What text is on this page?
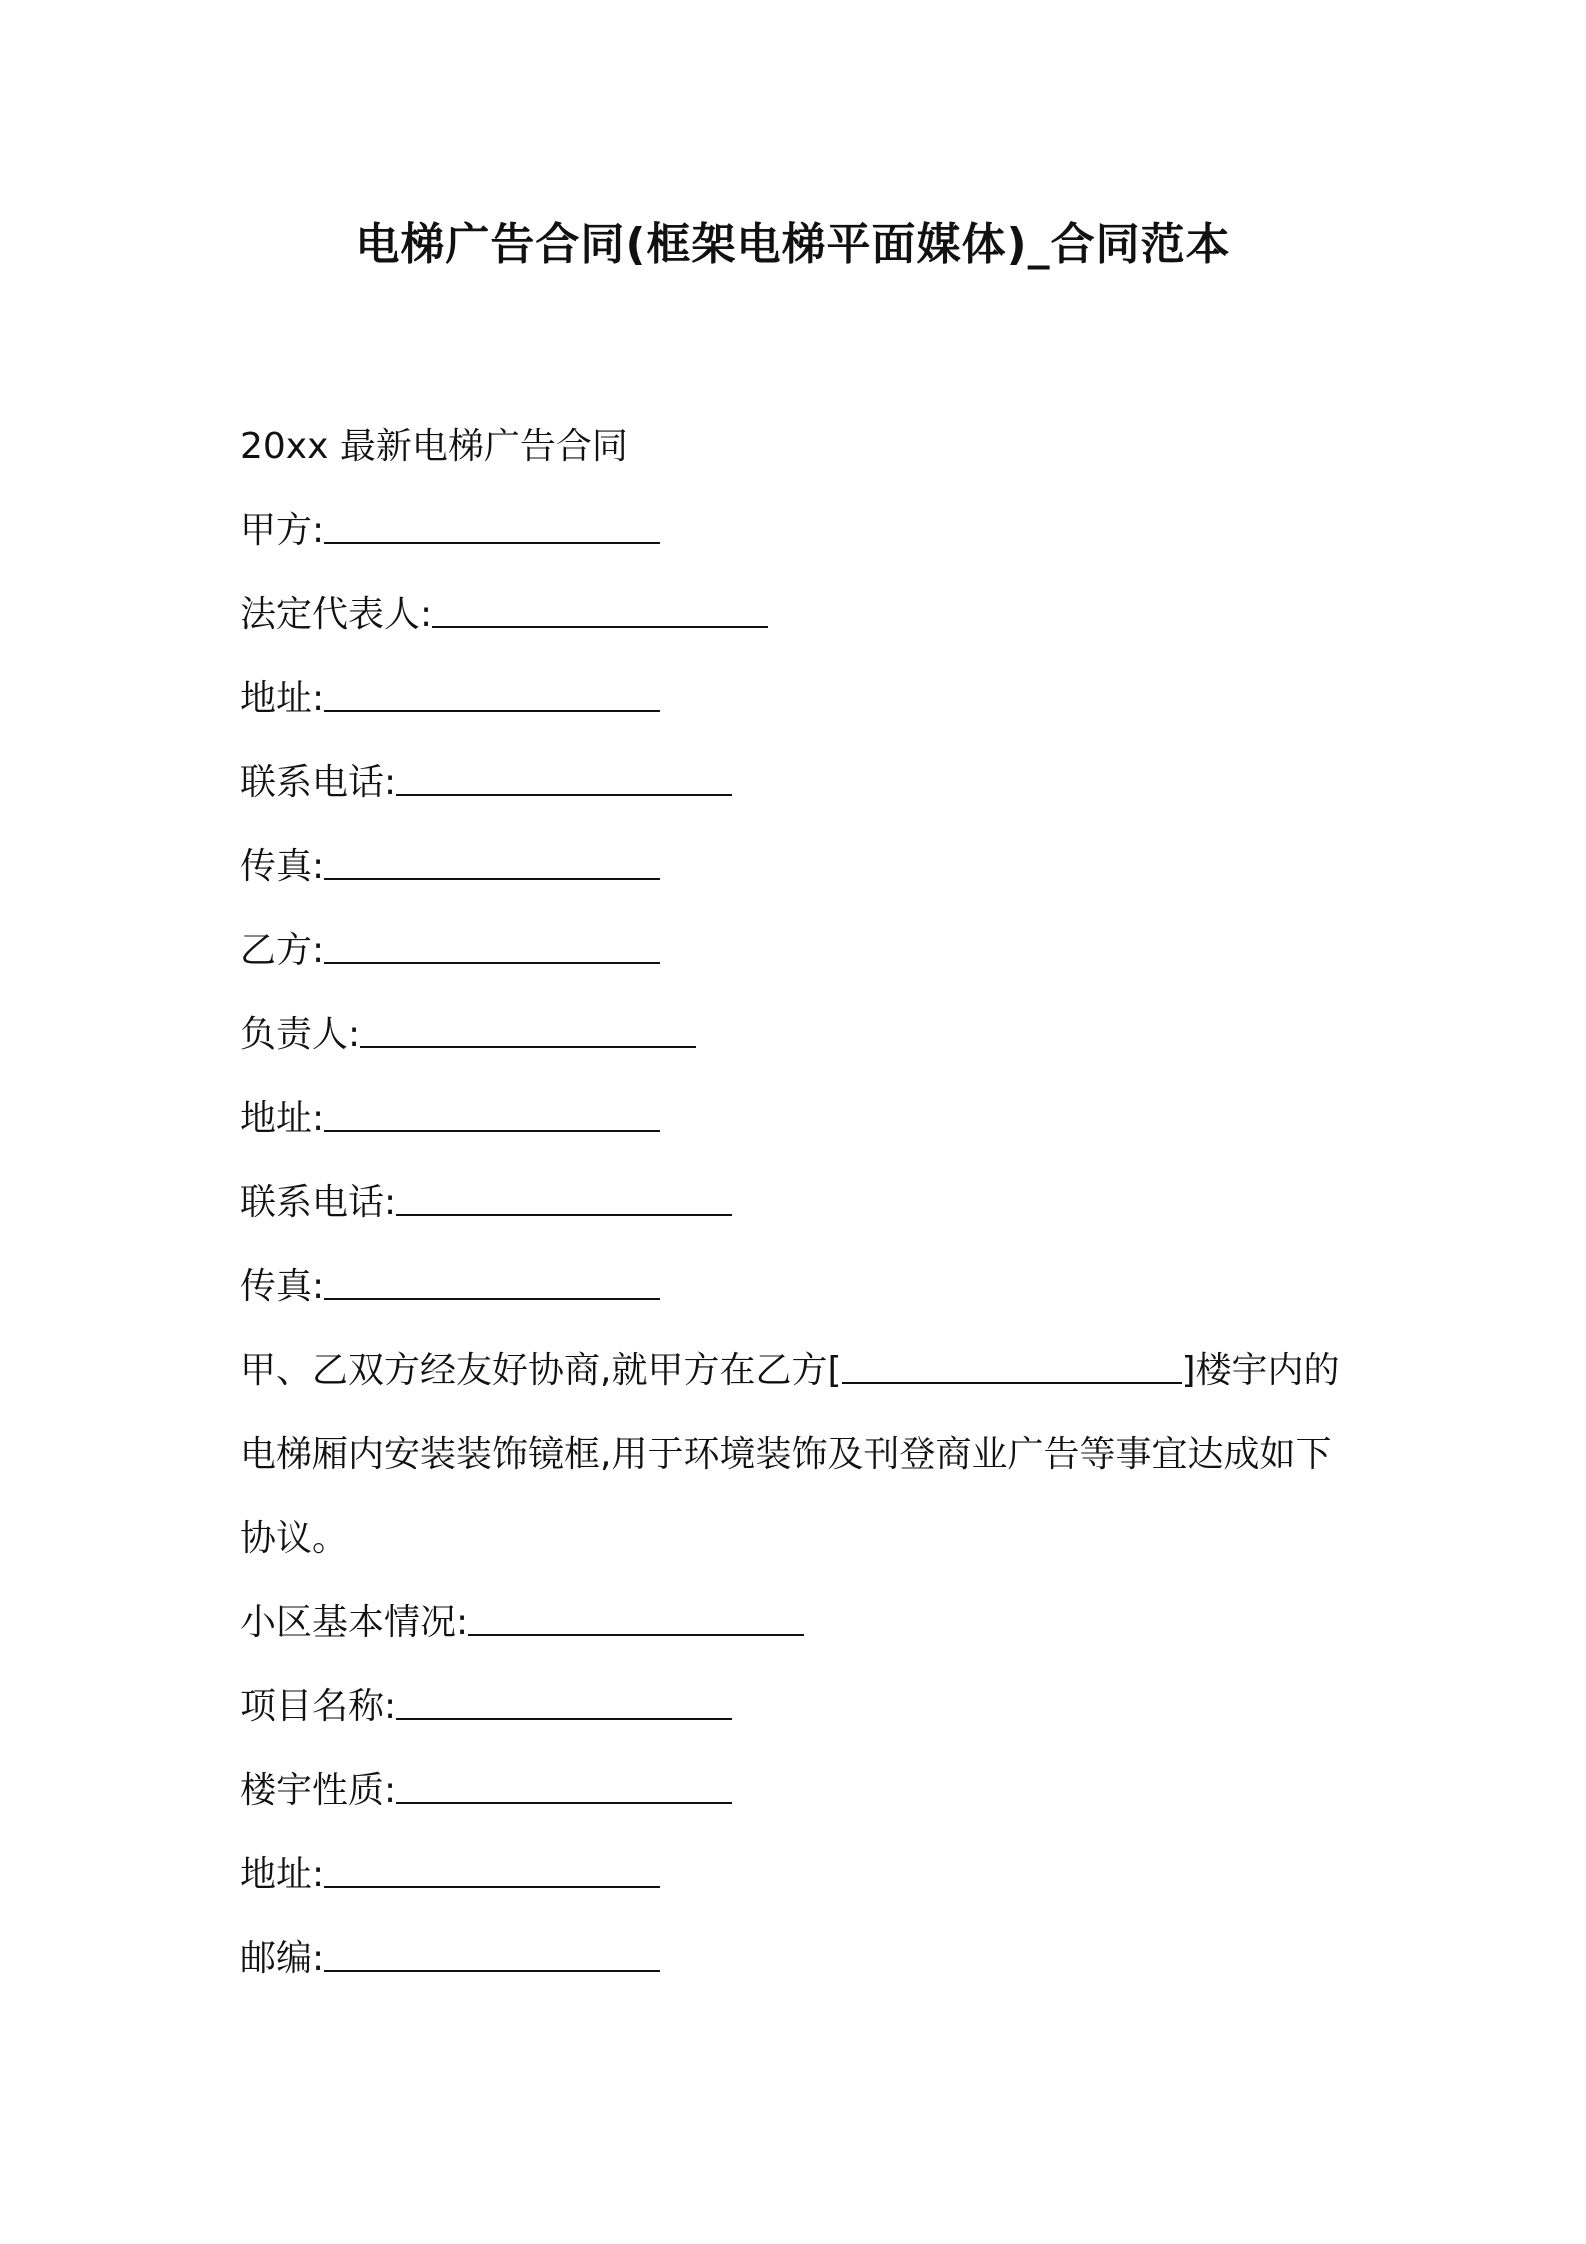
电梯广告合同(框架电梯平面媒体)_合同范本
20xx 最新电梯广告合同
甲方:
法定代表人:
地址:
联系电话:
传真:
乙方:
负责人:
地址:
联系电话:
传真:
甲、乙双方经友好协商,就甲方在乙方[	]楼宇内的电梯厢内安装装饰镜框,用于环境装饰及刊登商业广告等事宜达成如下协议。
小区基本情况:
项目名称:
楼宇性质:
地址:
邮编:
